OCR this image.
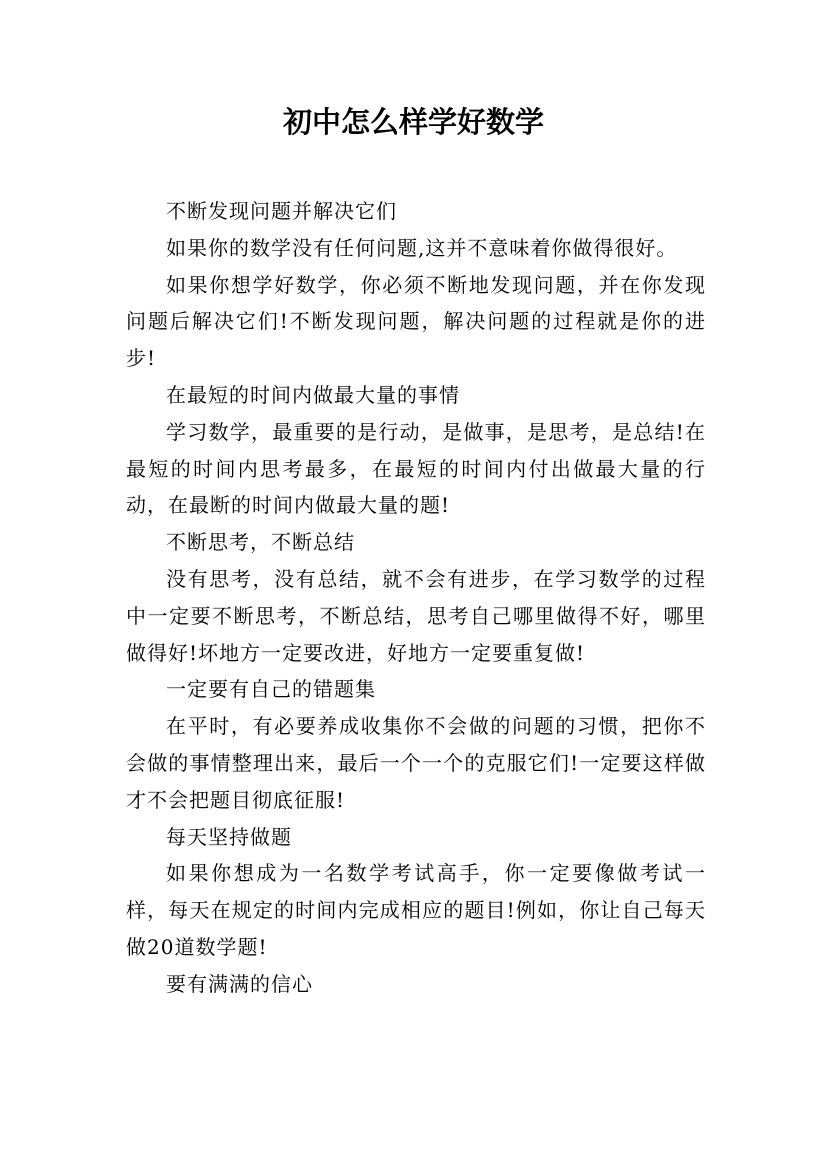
初中怎么样学好数学

不断发现问题并解决它们

如果你的数学没有任何问题,这并不意味着你做得很好。

如果你想学好数学，你必须不断地发现问题，并在你发现问题后解决它们!不断发现问题，解决问题的过程就是你的进步!

在最短的时间内做最大量的事情

学习数学，最重要的是行动，是做事，是思考，是总结!在最短的时间内思考最多，在最短的时间内付出做最大量的行动，在最断的时间内做最大量的题!

不断思考，不断总结

没有思考，没有总结，就不会有进步，在学习数学的过程中一定要不断思考，不断总结，思考自己哪里做得不好，哪里做得好!坏地方一定要改进，好地方一定要重复做!

一定要有自己的错题集

在平时，有必要养成收集你不会做的问题的习惯，把你不会做的事情整理出来，最后一个一个的克服它们!一定要这样做才不会把题目彻底征服!

每天坚持做题

如果你想成为一名数学考试高手，你一定要像做考试一样，每天在规定的时间内完成相应的题目!例如，你让自己每天做20道数学题!

要有满满的信心
